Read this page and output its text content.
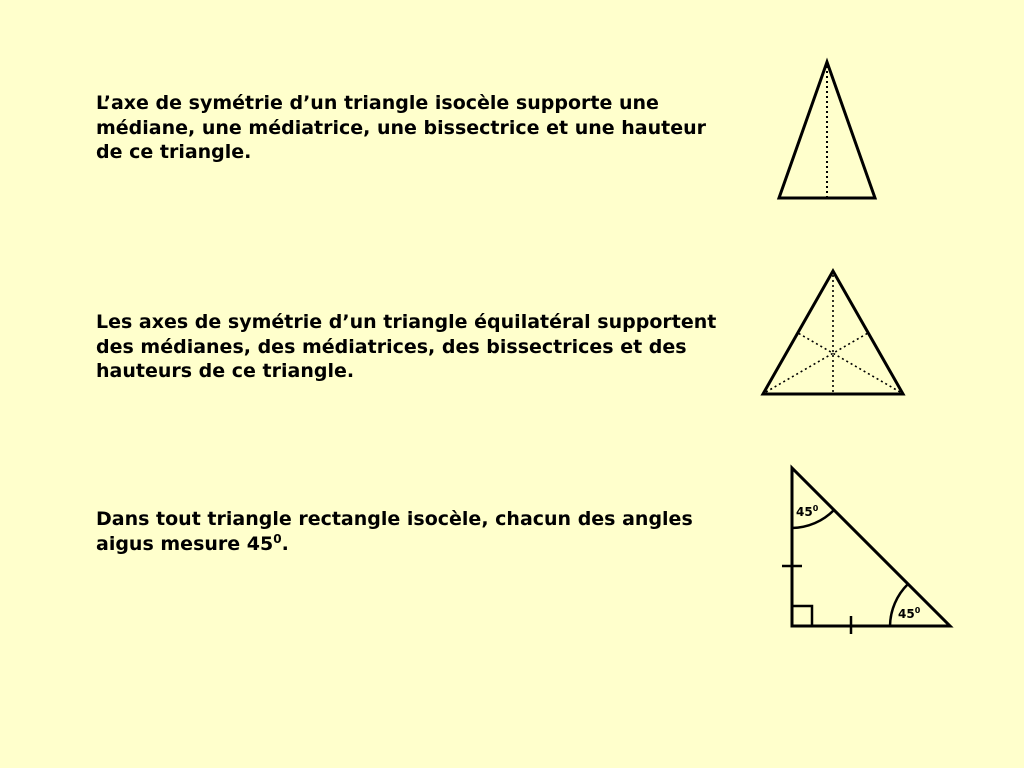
L’axe de symétrie d’un triangle isocèle supporte une médiane, une médiatrice, une bissectrice et une hauteur de ce triangle.

Les axes de symétrie d’un triangle équilatéral supportent des médianes, des médiatrices, des bissectrices et des hauteurs de ce triangle.

Dans tout triangle rectangle isocèle, chacun des angles aigus mesure $45^0$.

$45^0$
$45^0$
